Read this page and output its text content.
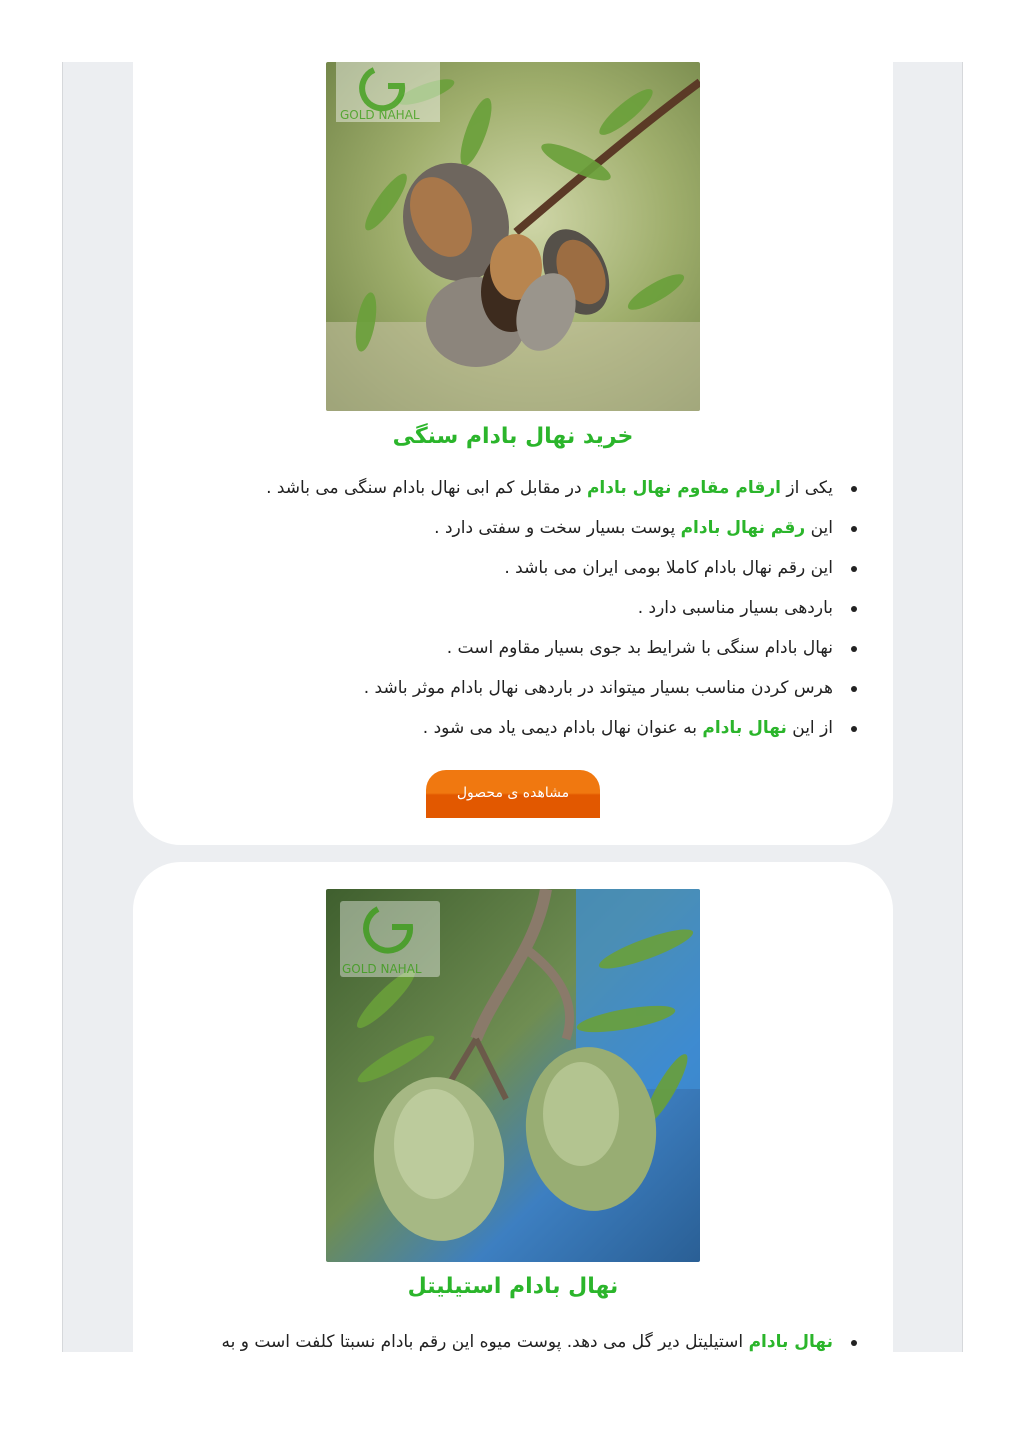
GOLD NAHAL
خرید نهال بادام سنگی
یکی از ارقام مقاوم نهال بادام در مقابل کم ابی نهال بادام سنگی می باشد .
این رقم نهال بادام پوست بسیار سخت و سفتی دارد .
این رقم نهال بادام کاملا بومی ایران می باشد .
باردهی بسیار مناسبی دارد .
نهال بادام سنگی با شرایط بد جوی بسیار مقاوم است .
هرس کردن مناسب بسیار میتواند در باردهی نهال بادام موثر باشد .
از این نهال بادام به عنوان نهال بادام دیمی یاد می شود .
مشاهده ی محصول
GOLD NAHAL
نهال بادام استیلیتل
نهال بادام استیلیتل دیر گل می دهد. پوست میوه این رقم بادام نسبتا کلفت است و به
